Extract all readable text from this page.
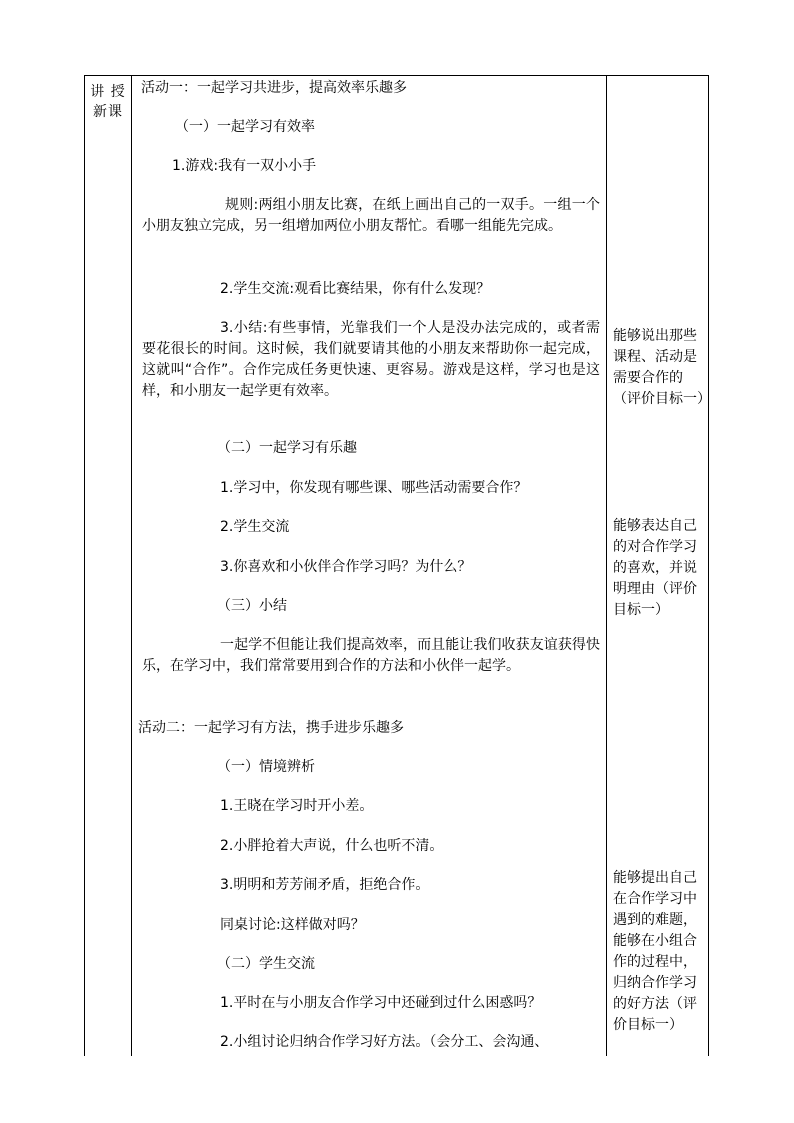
讲 授
新课
活动一：一起学习共进步，提高效率乐趣多
（一）一起学习有效率
1.游戏:我有一双小小手
规则:两组小朋友比赛，在纸上画出自己的一双手。一组一个小朋友独立完成，另一组增加两位小朋友帮忙。看哪一组能先完成。
2.学生交流:观看比赛结果，你有什么发现？
3.小结:有些事情，光靠我们一个人是没办法完成的，或者需要花很长的时间。这时候，我们就要请其他的小朋友来帮助你一起完成，这就叫“合作”。合作完成任务更快速、更容易。游戏是这样，学习也是这样，和小朋友一起学更有效率。
（二）一起学习有乐趣
1.学习中，你发现有哪些课、哪些活动需要合作？
2.学生交流
3.你喜欢和小伙伴合作学习吗？为什么？
（三）小结
一起学不但能让我们提高效率，而且能让我们收获友谊获得快乐，在学习中，我们常常要用到合作的方法和小伙伴一起学。
活动二：一起学习有方法，携手进步乐趣多
（一）情境辨析
1.王晓在学习时开小差。
2.小胖抢着大声说，什么也听不清。
3.明明和芳芳闹矛盾，拒绝合作。
同桌讨论:这样做对吗？
（二）学生交流
1.平时在与小朋友合作学习中还碰到过什么困惑吗？
2.小组讨论归纳合作学习好方法。（会分工、会沟通、
能够说出那些课程、活动是需要合作的（评价目标一）
能够表达自己的对合作学习的喜欢，并说明理由（评价目标一）
能够提出自己在合作学习中遇到的难题，能够在小组合作的过程中，归纳合作学习的好方法（评价目标一）
